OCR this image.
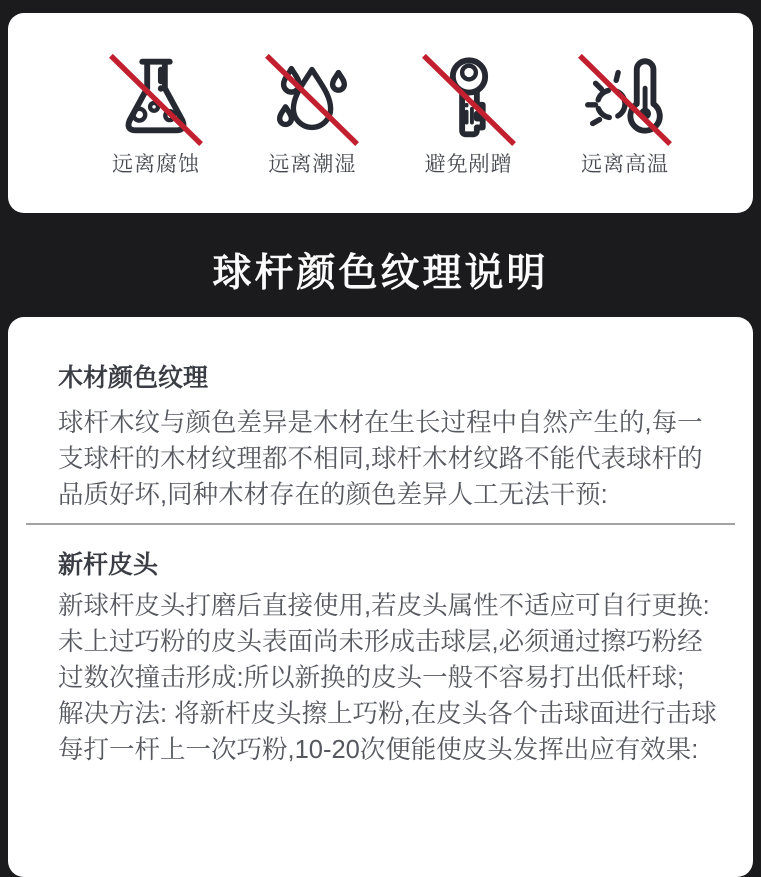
远离腐蚀	远离潮湿	避免剐蹭	远离高温
球杆颜色纹理说明
木材颜色纹理
球杆木纹与颜色差异是木材在生长过程中自然产生的,每一
支球杆的木材纹理都不相同,球杆木材纹路不能代表球杆的
品质好坏,同种木材存在的颜色差异人工无法干预:
新杆皮头
新球杆皮头打磨后直接使用,若皮头属性不适应可自行更换:
未上过巧粉的皮头表面尚未形成击球层,必须通过擦巧粉经
过数次撞击形成:所以新换的皮头一般不容易打出低杆球;
解决方法: 将新杆皮头擦上巧粉,在皮头各个击球面进行击球
每打一杆上一次巧粉,10-20次便能使皮头发挥出应有效果:
